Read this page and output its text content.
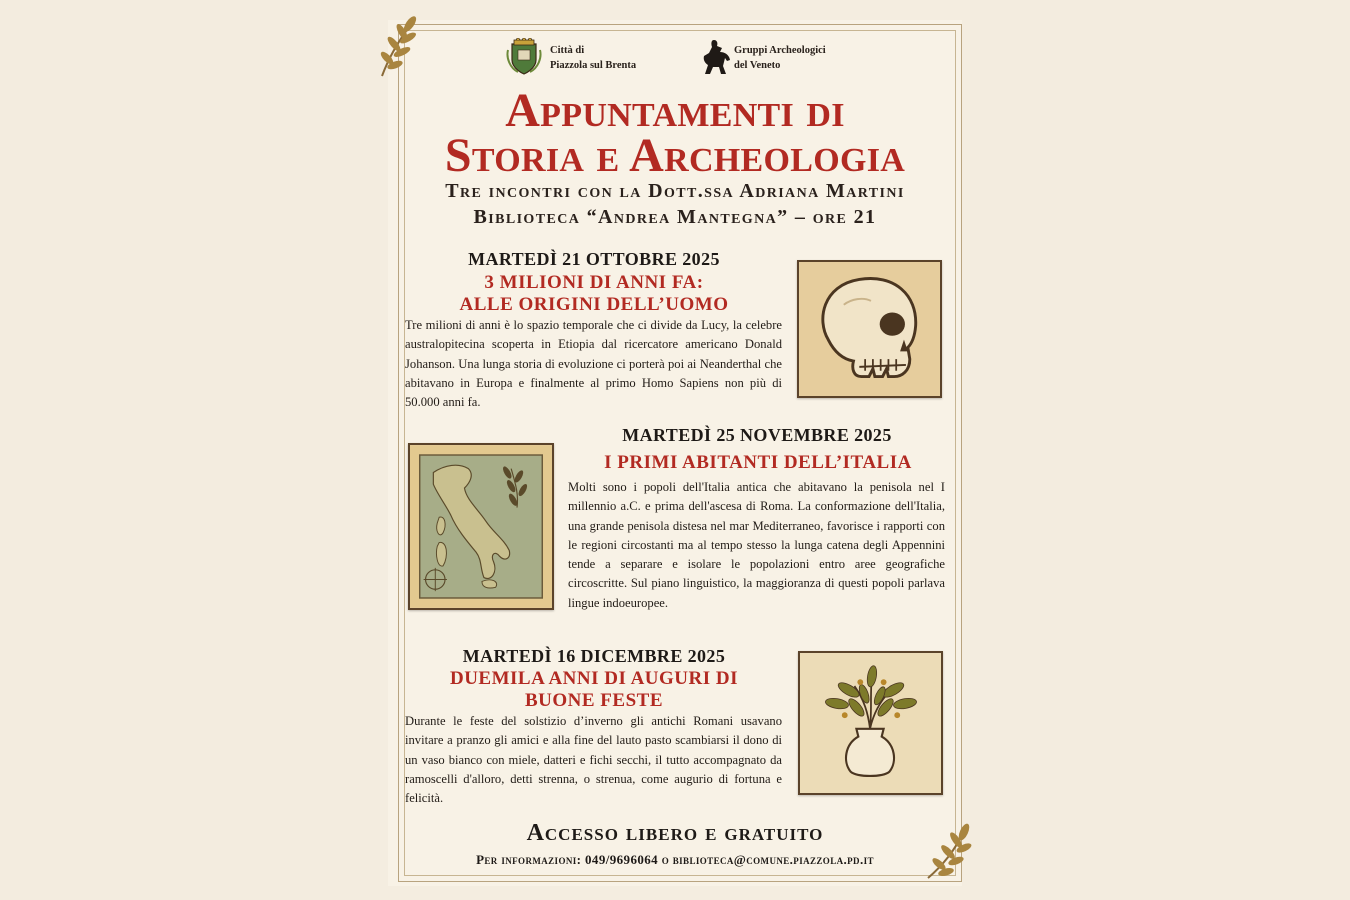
Città di
Piazzola sul Brenta
Gruppi Archeologici
del Veneto
Appuntamenti di
Storia e Archeologia
Tre incontri con la Dott.ssa Adriana Martini
Biblioteca “Andrea Mantegna” – ore 21
MARTEDÌ 21 OTTOBRE 2025
3 MILIONI DI ANNI FA:
ALLE ORIGINI DELL’UOMO
Tre milioni di anni è lo spazio temporale che ci divide da Lucy, la celebre australopitecina scoperta in Etiopia dal ricercatore americano Donald Johanson. Una lunga storia di evoluzione ci porterà poi ai Neanderthal che abitavano in Europa e finalmente al primo Homo Sapiens non più di 50.000 anni fa.
MARTEDÌ 25 NOVEMBRE 2025
I PRIMI ABITANTI DELL’ITALIA
Molti sono i popoli dell'Italia antica che abitavano la penisola nel I millennio a.C. e prima dell'ascesa di Roma. La conformazione dell'Italia, una grande penisola distesa nel mar Mediterraneo, favorisce i rapporti con le regioni circostanti ma al tempo stesso la lunga catena degli Appennini tende a separare e isolare le popolazioni entro aree geografiche circoscritte. Sul piano linguistico, la maggioranza di questi popoli parlava lingue indoeuropee.
MARTEDÌ 16 DICEMBRE 2025
DUEMILA ANNI DI AUGURI DI
BUONE FESTE
Durante le feste del solstizio d’inverno gli antichi Romani usavano invitare a pranzo gli amici e alla fine del lauto pasto scambiarsi il dono di un vaso bianco con miele, datteri e fichi secchi, il tutto accompagnato da ramoscelli d'alloro, detti strenna, o strenua, come augurio di fortuna e felicità.
Accesso libero e gratuito
Per informazioni: 049/9696064 o biblioteca@comune.piazzola.pd.it
